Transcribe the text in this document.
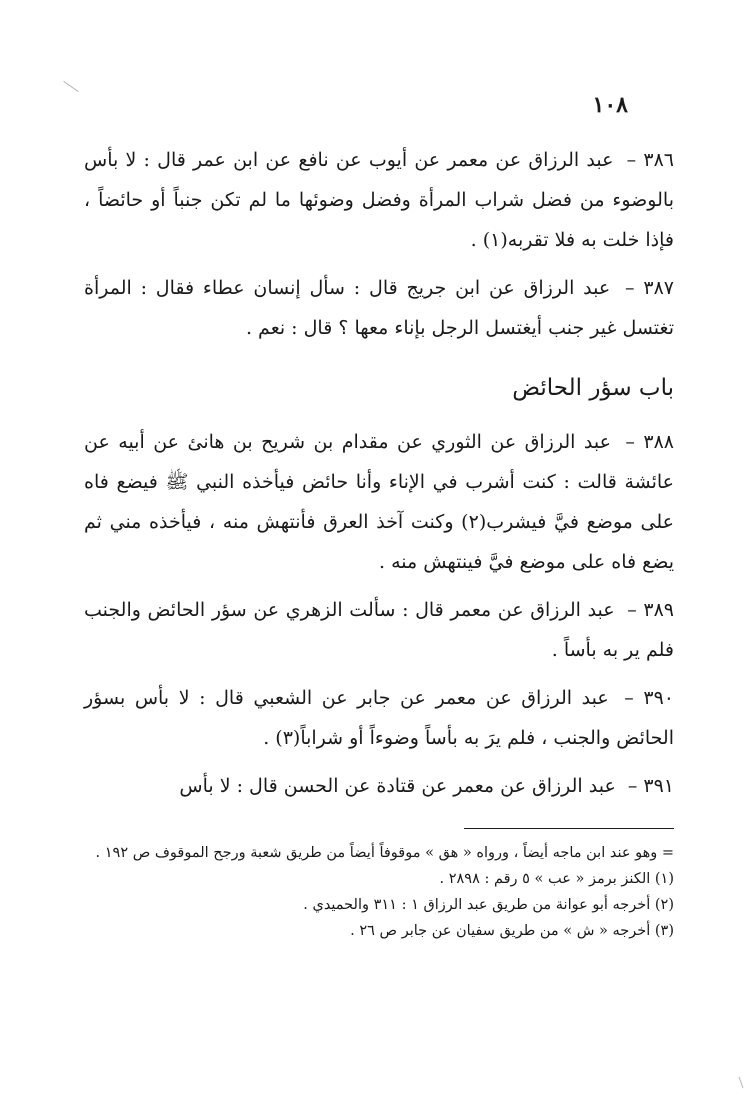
١٠٨

٣٨٦ – عبد الرزاق عن معمر عن أيوب عن نافع عن ابن عمر قال : لا بأس بالوضوء من فضل شراب المرأة وفضل وضوئها ما لم تكن جنباً أو حائضاً ، فإذا خلت به فلا تقربه(١) .

٣٨٧ – عبد الرزاق عن ابن جريج قال : سأل إنسان عطاء فقال : المرأة تغتسل غير جنب أيغتسل الرجل بإناء معها ؟ قال : نعم .

باب سؤر الحائض

٣٨٨ – عبد الرزاق عن الثوري عن مقدام بن شريح بن هانئ عن أبيه عن عائشة قالت : كنت أشرب في الإناء وأنا حائض فيأخذه النبي ﷺ فيضع فاه على موضع فيَّ فيشرب(٢) وكنت آخذ العرق فأنتهش منه ، فيأخذه مني ثم يضع فاه على موضع فيَّ فينتهش منه .

٣٨٩ – عبد الرزاق عن معمر قال : سألت الزهري عن سؤر الحائض والجنب فلم ير به بأساً .

٣٩٠ – عبد الرزاق عن معمر عن جابر عن الشعبي قال : لا بأس بسؤر الحائض والجنب ، فلم يرَ به بأساً وضوءاً أو شراباً(٣) .

٣٩١ – عبد الرزاق عن معمر عن قتادة عن الحسن قال : لا بأس

= وهو عند ابن ماجه أيضاً ، ورواه « هق » موقوفاً أيضاً من طريق شعبة ورجح الموقوف ص ١٩٢ .

(١) الكنز برمز « عب » ٥ رقم : ٢٨٩٨ .

(٢) أخرجه أبو عوانة من طريق عبد الرزاق ١ : ٣١١ والحميدي .

(٣) أخرجه « ش » من طريق سفيان عن جابر ص ٢٦ .
